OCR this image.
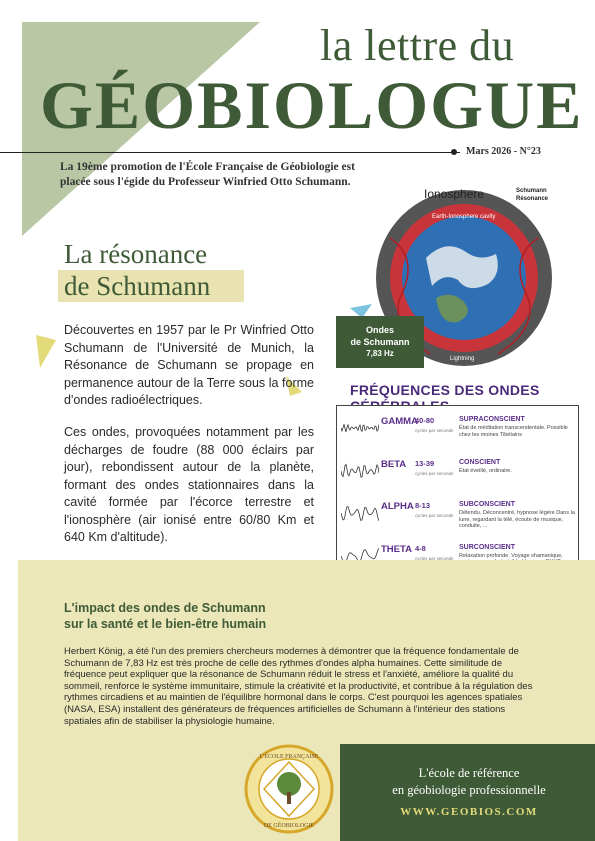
la lettre du
GÉOBIOLOGUE
Mars 2026 - N°23
La 19ème promotion de l'École Française de Géobiologie est placée sous l'égide du Professeur Winfried Otto Schumann.
Ionosphere	Schumann
Résonance
Earth-Ionosphere cavity
Lightning
La résonance
de Schumann
Découvertes en 1957 par le Pr Winfried Otto Schumann de l'Université de Munich, la Résonance de Schumann se propage en permanence autour de la Terre sous la forme d'ondes radioélectriques.
Ces ondes, provoquées notamment par les décharges de foudre (88 000 éclairs par jour), rebondissent autour de la planète, formant des ondes stationnaires dans la cavité formée par l'écorce terrestre et l'ionosphère (air ionisé entre 60/80 Km et 640 Km d'altitude).
Ondes
de Schumann
7,83 Hz
FRÉQUENCES DES ONDES
GAMMA
40-80
cycles par seconde
SUPRACONSCIENT
État de méditation transcendentale. Possible chez les moines Tibétains
BETA 13-39
cycles par seconde
CONSCIENT
État éveillé, ordinaire.
ALPHA 8-13
cycles par seconde
SUBCONSCIENT
Détendu. Déconcentré, hypnose légère Dans la lune, regardant la télé, écoute de musique, conduite, ...
THETA 4-8
cycles par seconde
SURCONSCIENT
Relaxation profonde. Voyage shamanique,
L'impact des ondes de Schumann
sur la santé et le bien-être humain
Herbert König, a été l'un des premiers chercheurs modernes à démontrer que la fréquence fondamentale de Schumann de 7,83 Hz est très proche de celle des rythmes d'ondes alpha humaines. Cette similitude de fréquence peut expliquer que la résonance de Schumann réduit le stress et l'anxiété, améliore la qualité du sommeil, renforce le système immunitaire, stimule la créativité et la productivité, et contribue à la régulation des rythmes circadiens et au maintien de l'équilibre hormonal dans le corps. C'est pourquoi les agences spatiales (NASA, ESA) installent des générateurs de fréquences artificielles de Schumann à l'intérieur des stations spatiales afin de stabiliser la physiologie humaine.
L'ÉCOLE FRANÇAISE
DE GÉOBIOLOGIE
L'école de référence
en géobiologie professionnelle
WWW.GEOBIOS.COM
